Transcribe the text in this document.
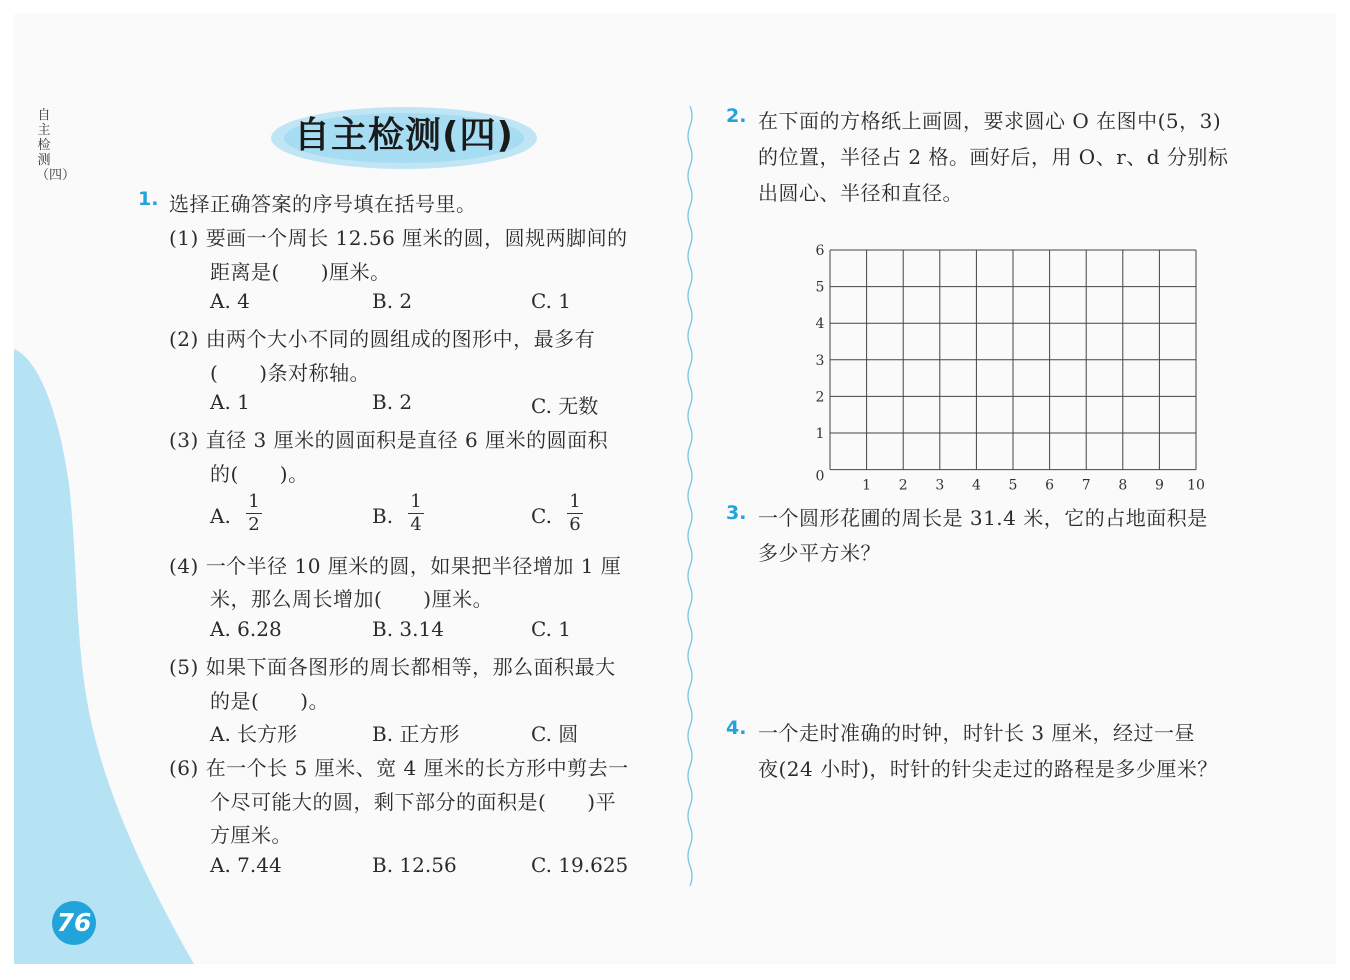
自主检测（四）
76
自主检测(四)
1. 选择正确答案的序号填在括号里。
(1) 要画一个周长 12.56 厘米的圆，圆规两脚间的
距离是(　　)厘米。
A. 4	B. 2	C. 1
(2) 由两个大小不同的圆组成的图形中，最多有
(　　)条对称轴。
A. 1	B. 2	C. 无数
(3) 直径 3 厘米的圆面积是直径 6 厘米的圆面积
的(　　)。
A.
1
2	B.
1
4	C.
1
6
(4) 一个半径 10 厘米的圆，如果把半径增加 1 厘
米，那么周长增加(　　)厘米。
A. 6.28	B. 3.14	C. 1
(5) 如果下面各图形的周长都相等，那么面积最大
的是(　　)。
A. 长方形	B. 正方形	C. 圆
(6) 在一个长 5 厘米、宽 4 厘米的长方形中剪去一
个尽可能大的圆，剩下部分的面积是(　　)平
方厘米。
A. 7.44	B. 12.56	C. 19.625
2. 在下面的方格纸上画圆，要求圆心 O 在图中(5，3)
的位置，半径占 2 格。画好后，用 O、r、d 分别标
出圆心、半径和直径。
1 2 3 4 5 6 7 8 9 10
0
1
2
3
4
5
6
3. 一个圆形花圃的周长是 31.4 米，它的占地面积是
多少平方米？
4. 一个走时准确的时钟，时针长 3 厘米，经过一昼
夜(24 小时)，时针的针尖走过的路程是多少厘米？
